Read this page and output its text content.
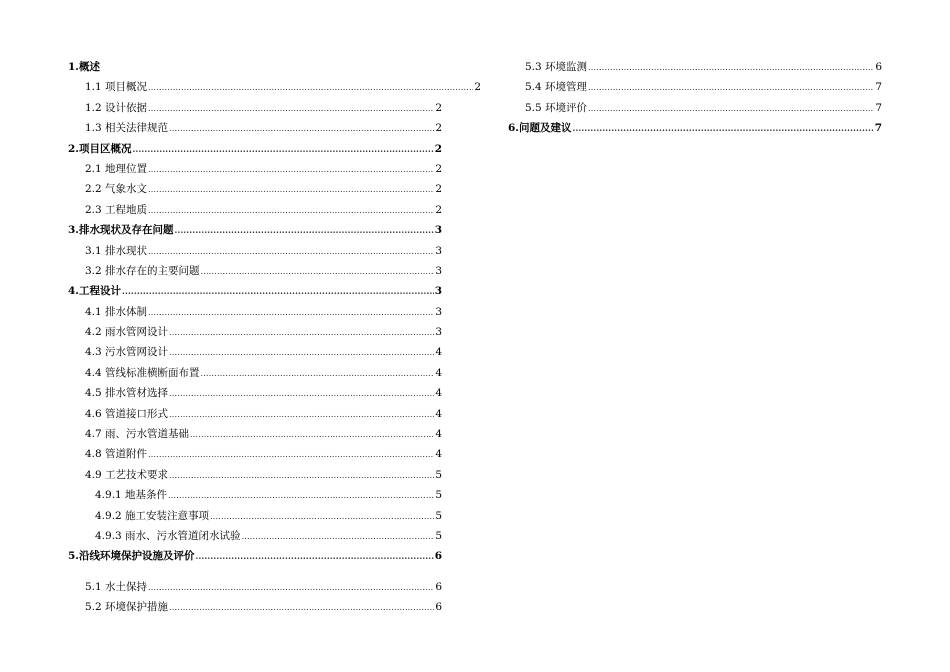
1.概述
1.1 项目概况 .....	2
1.2 设计依据 .....	2
1.3 相关法律规范 .....	2
2.项目区概况 .....	2
2.1 地理位置 .....	2
2.2 气象水文 .....	2
2.3 工程地质 .....	2
3.排水现状及存在问题 .....	3
3.1 排水现状 .....	3
3.2 排水存在的主要问题 .....	3
4.工程设计 .....	3
4.1 排水体制 .....	3
4.2 雨水管网设计 .....	3
4.3 污水管网设计 .....	4
4.4 管线标准横断面布置 .....	4
4.5 排水管材选择 .....	4
4.6 管道接口形式 .....	4
4.7 雨、污水管道基础 .....	4
4.8 管道附件 .....	4
4.9 工艺技术要求 .....	5
4.9.1 地基条件 .....	5
4.9.2 施工安装注意事项 .....	5
4.9.3 雨水、污水管道闭水试验 .....	5
5.沿线环境保护设施及评价 .....	6
5.1 水土保持 .....	6
5.2 环境保护措施 .....	6
5.3 环境监测 .....	6
5.4 环境管理 .....	7
5.5 环境评价 .....	7
6.问题及建议 .....	7
